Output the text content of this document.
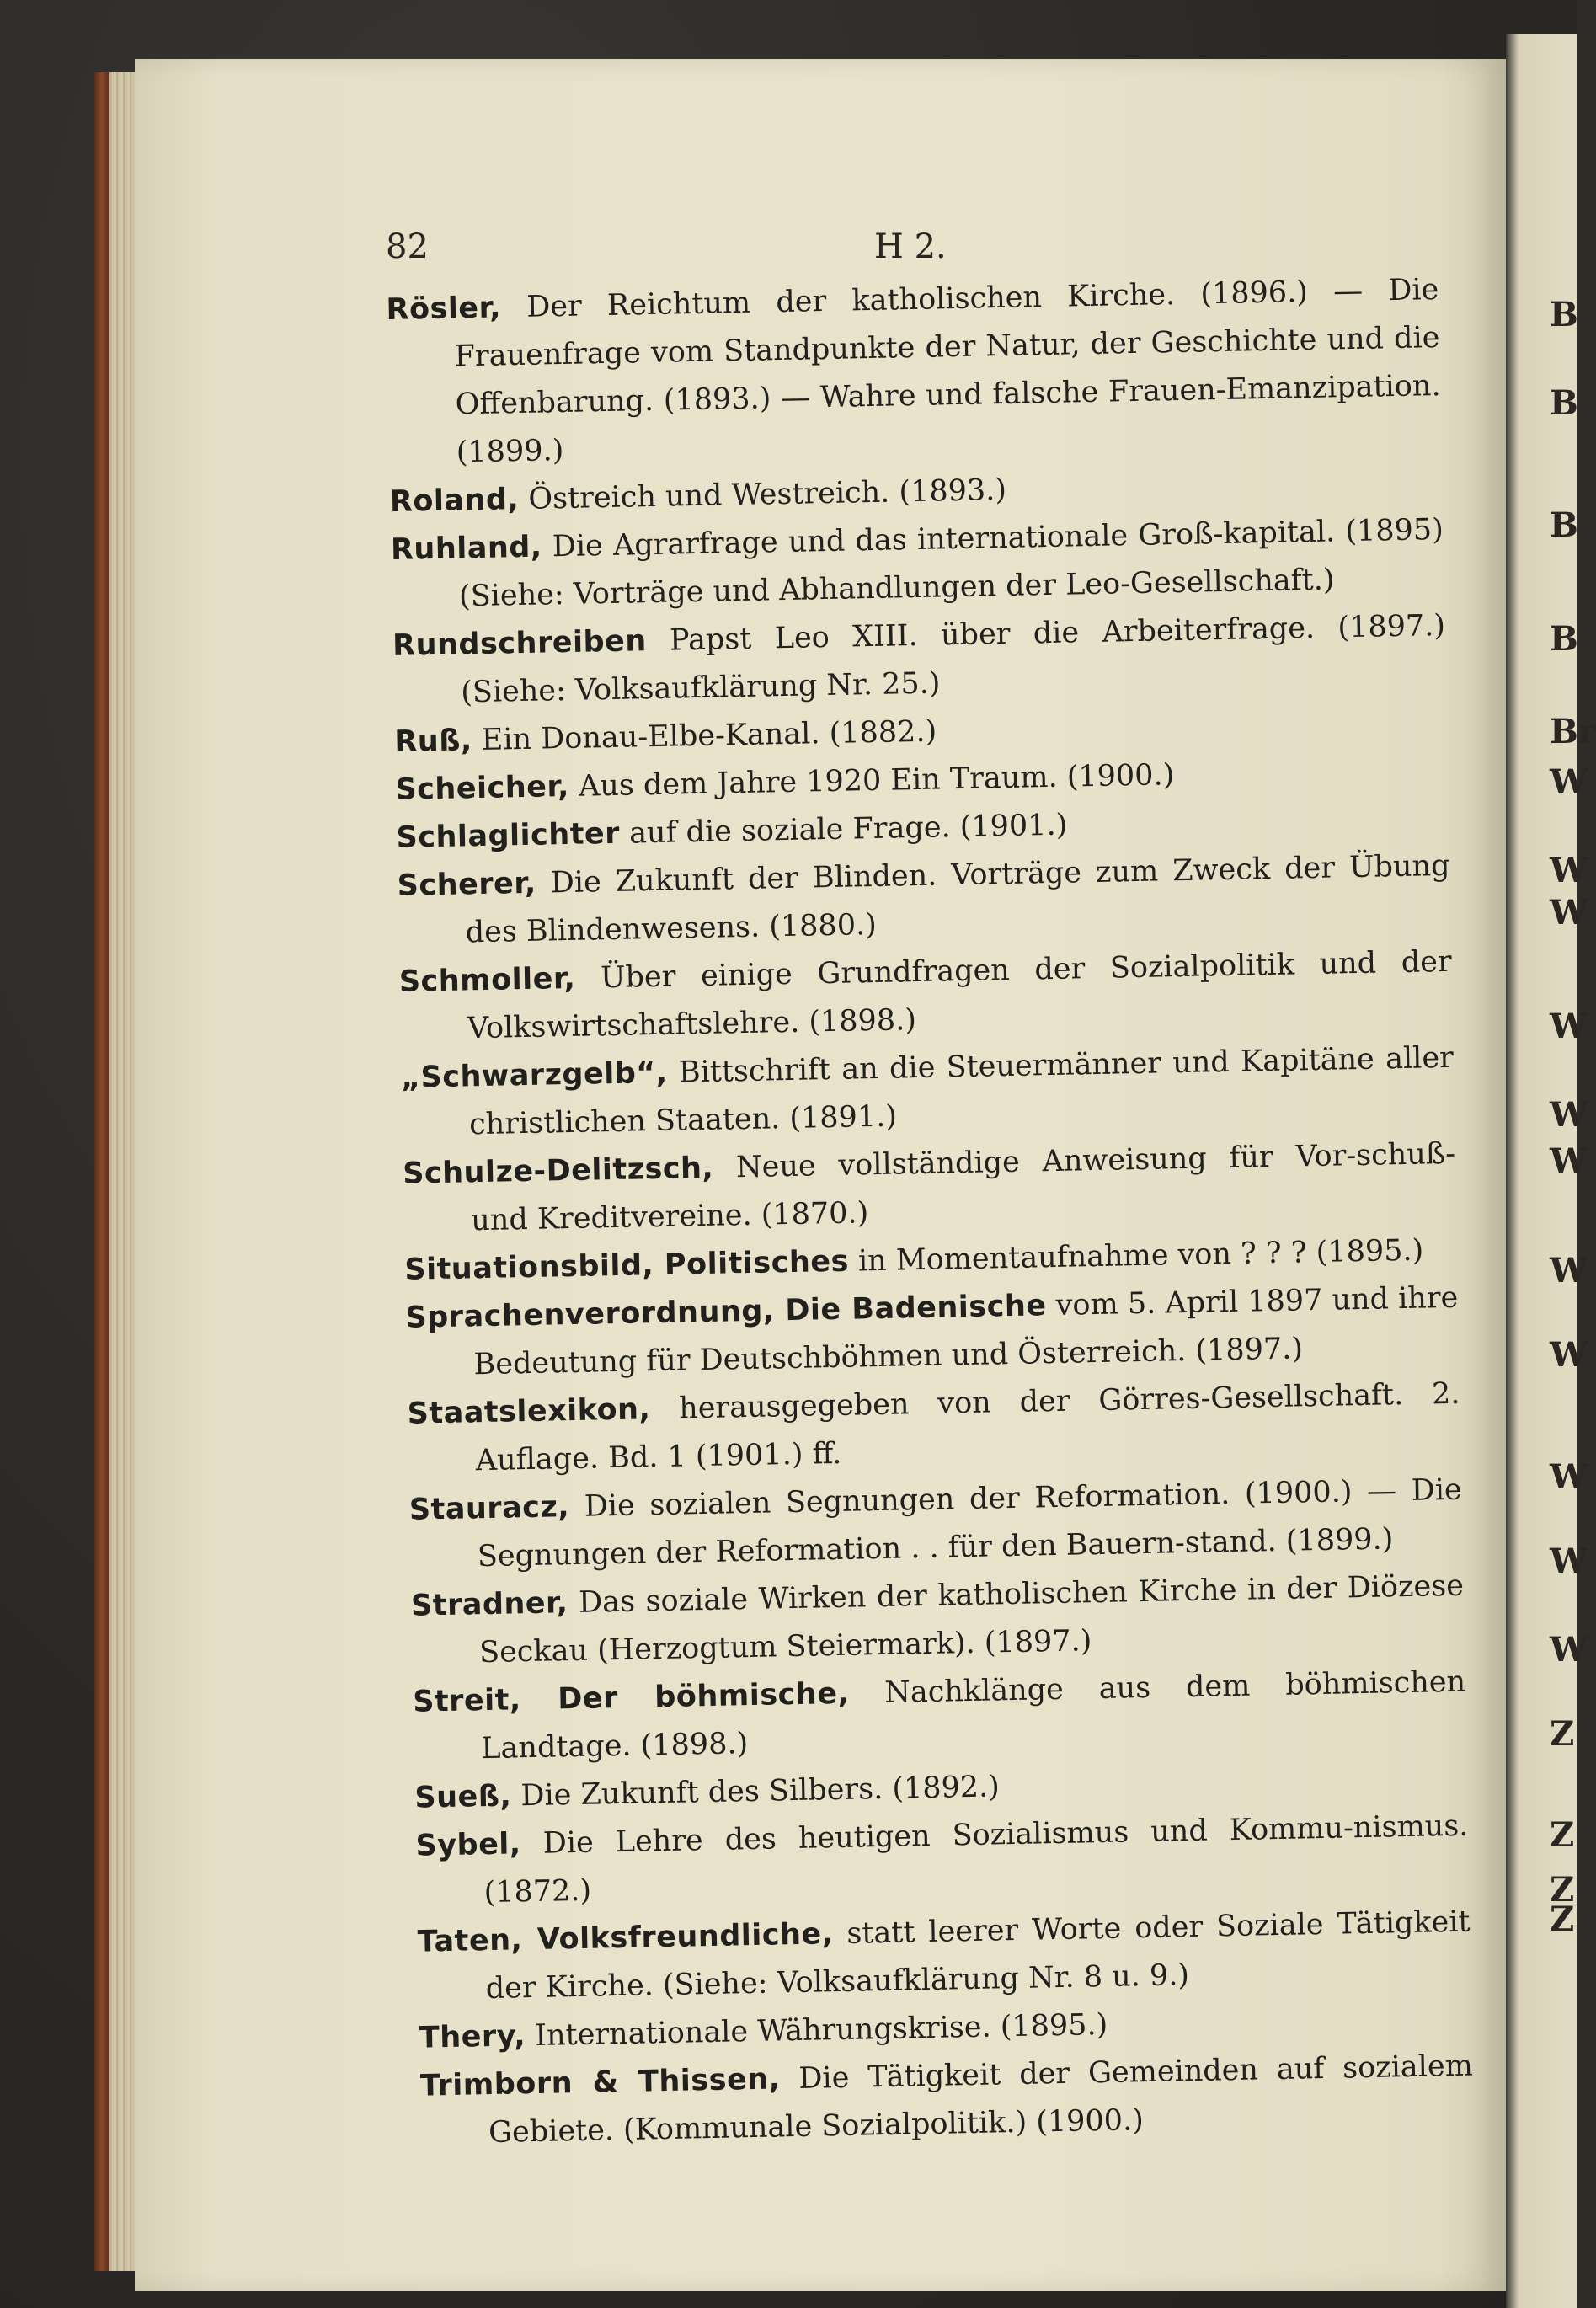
B
B
B
B
Br
W
W
W
W
W
W
W
W
W
W
W
Z
Z
Z
Z
82	H 2.

Rösler, Der Reichtum der katholischen Kirche. (1896.) — Die Frauenfrage vom Standpunkte der Natur, der Geschichte und die Offenbarung. (1893.) — Wahre und falsche Frauen-Emanzipation. (1899.)

Roland, Östreich und Westreich. (1893.)

Ruhland, Die Agrarfrage und das internationale Groß-kapital. (1895) (Siehe: Vorträge und Abhandlungen der Leo-Gesellschaft.)

Rundschreiben Papst Leo XIII. über die Arbeiterfrage. (1897.) (Siehe: Volksaufklärung Nr. 25.)

Ruß, Ein Donau-Elbe-Kanal. (1882.)

Scheicher, Aus dem Jahre 1920 Ein Traum. (1900.)

Schlaglichter auf die soziale Frage. (1901.)

Scherer, Die Zukunft der Blinden. Vorträge zum Zweck der Übung des Blindenwesens. (1880.)

Schmoller, Über einige Grundfragen der Sozialpolitik und der Volkswirtschaftslehre. (1898.)

„Schwarzgelb“, Bittschrift an die Steuermänner und Kapitäne aller christlichen Staaten. (1891.)

Schulze-Delitzsch, Neue vollständige Anweisung für Vor-schuß- und Kreditvereine. (1870.)

Situationsbild, Politisches in Momentaufnahme von ? ? ? (1895.)

Sprachenverordnung, Die Badenische vom 5. April 1897 und ihre Bedeutung für Deutschböhmen und Österreich. (1897.)

Staatslexikon, herausgegeben von der Görres-Gesellschaft. 2. Auflage. Bd. 1 (1901.) ff.

Stauracz, Die sozialen Segnungen der Reformation. (1900.) — Die Segnungen der Reformation . . für den Bauern-stand. (1899.)

Stradner, Das soziale Wirken der katholischen Kirche in der Diözese Seckau (Herzogtum Steiermark). (1897.)

Streit, Der böhmische, Nachklänge aus dem böhmischen Landtage. (1898.)

Sueß, Die Zukunft des Silbers. (1892.)

Sybel, Die Lehre des heutigen Sozialismus und Kommu-nismus. (1872.)

Taten, Volksfreundliche, statt leerer Worte oder Soziale Tätigkeit der Kirche. (Siehe: Volksaufklärung Nr. 8 u. 9.)

Thery, Internationale Währungskrise. (1895.)

Trimborn & Thissen, Die Tätigkeit der Gemeinden auf sozialem Gebiete. (Kommunale Sozialpolitik.) (1900.)
